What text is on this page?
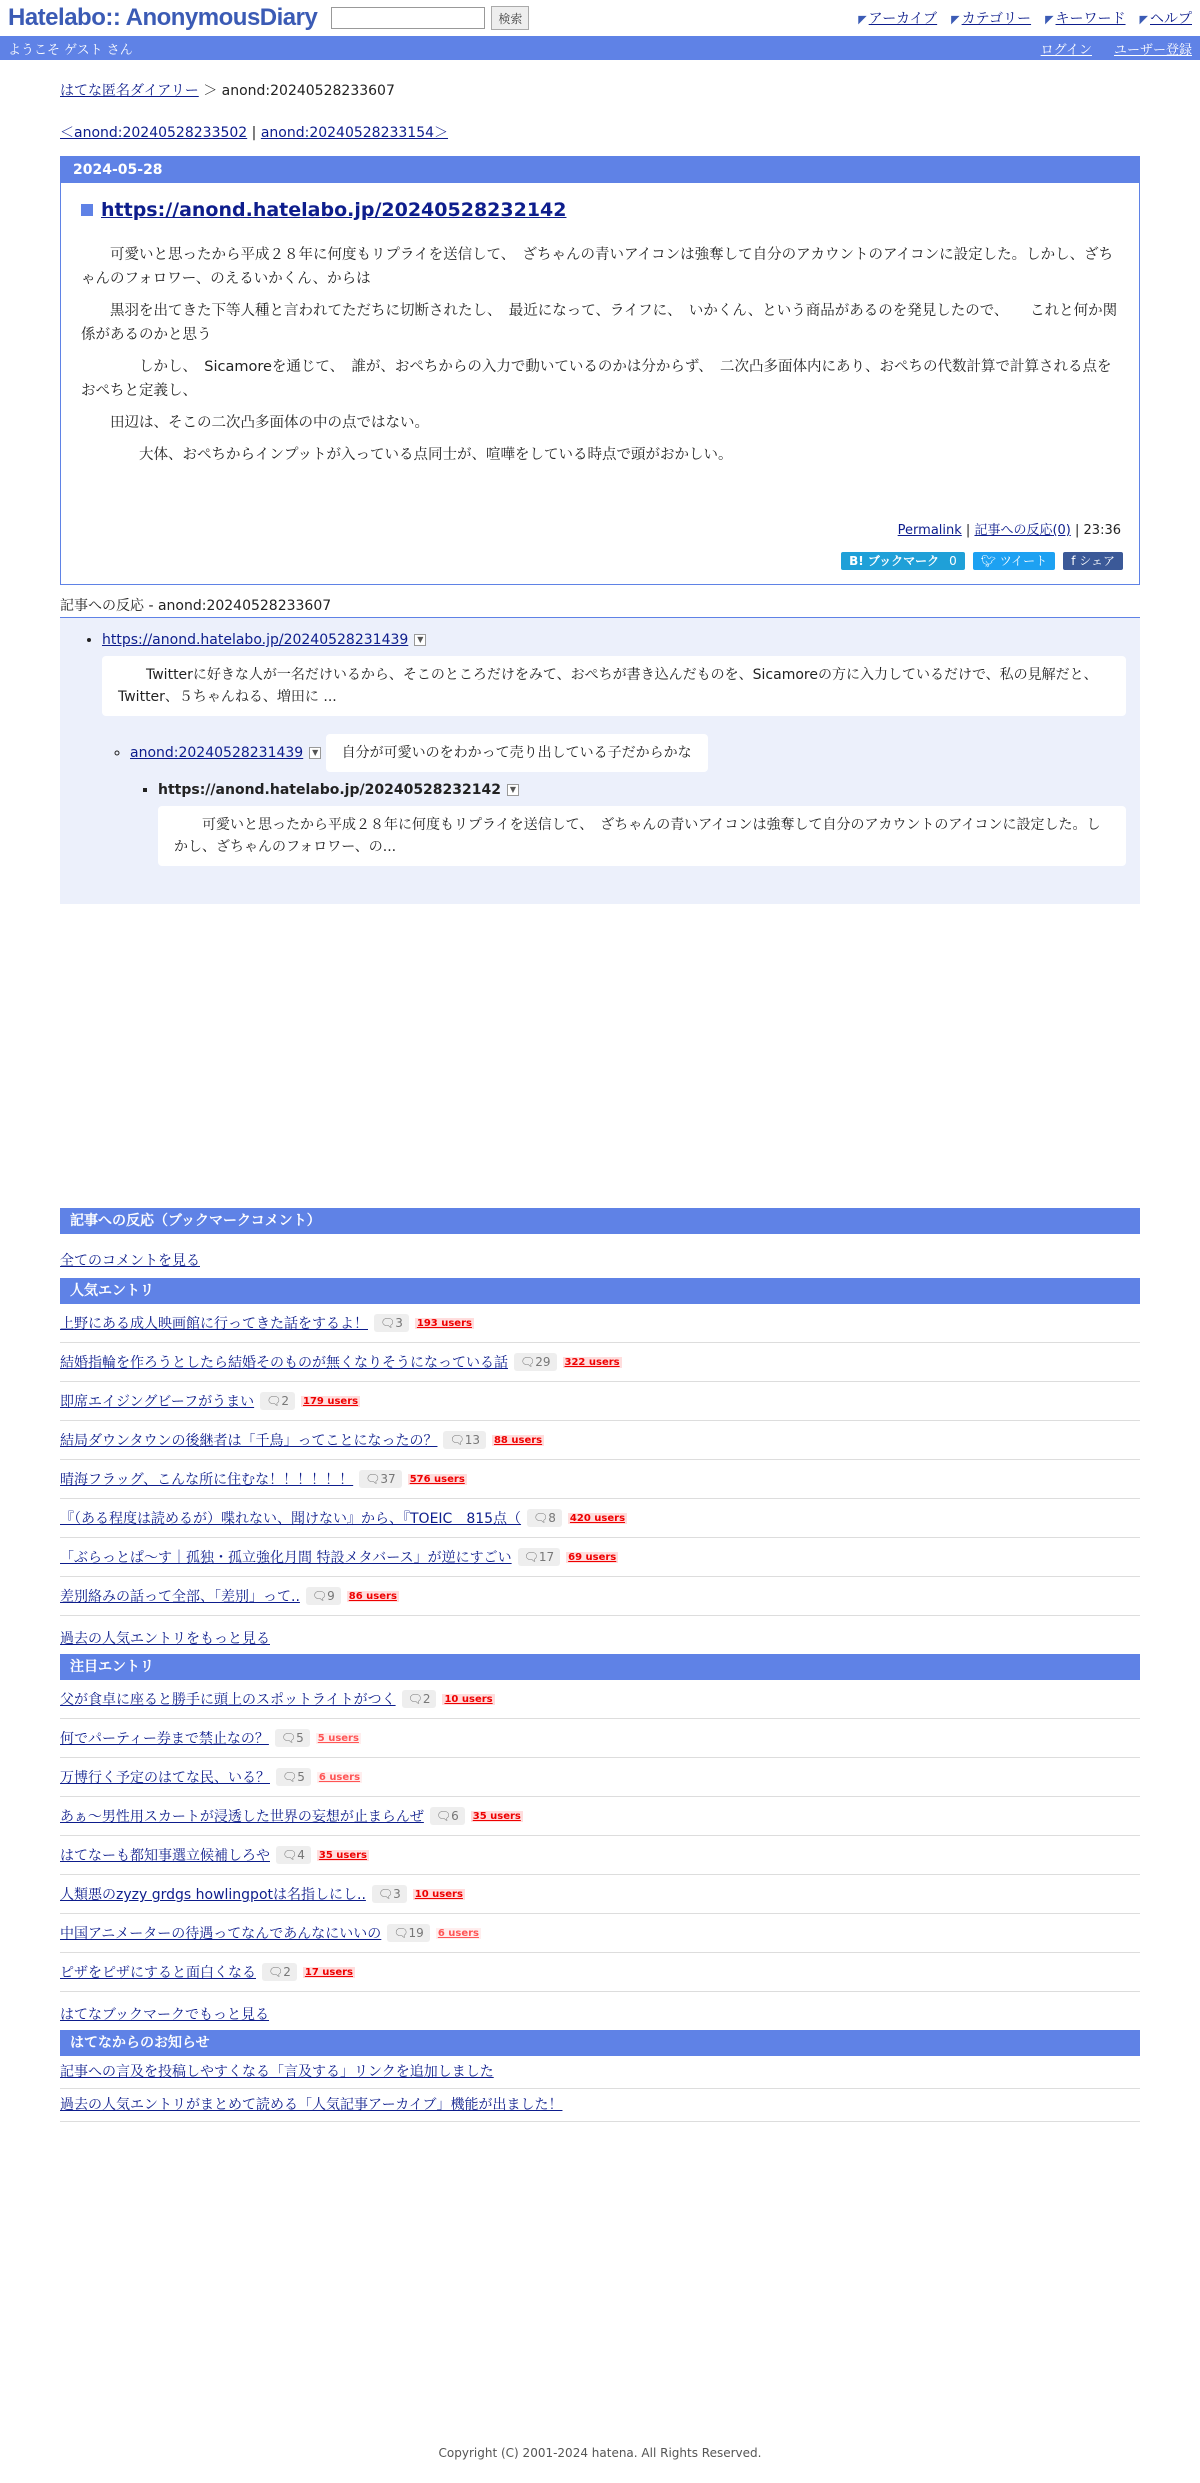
Hatelabo:: AnonymousDiary	検索	◤ アーカイブ ◤ カテゴリー ◤ キーワード ◤ ヘルプ
ようこそ ゲスト さん	ログイン ユーザー登録
はてな匿名ダイアリー ＞ anond:20240528233607
＜anond:20240528233502 | anond:20240528233154＞
2024-05-28
https://anond.hatelabo.jp/20240528232142

　　可愛いと思ったから平成２８年に何度もリプライを送信して、　ざちゃんの青いアイコンは強奪して自分のアカウントのアイコンに設定した。しかし、ざちゃんのフォロワー、のえるいかくん、からは

　　黒羽を出てきた下等人種と言われてただちに切断されたし、　最近になって、ライフに、　いかくん、という商品があるのを発見したので、　　これと何か関係があるのかと思う

　　　　しかし、　Sicamoreを通じて、　誰が、おぺちからの入力で動いているのかは分からず、　二次凸多面体内にあり、おぺちの代数計算で計算される点をおぺちと定義し、

　　田辺は、そこの二次凸多面体の中の点ではない。

　　　　大体、おぺちからインプットが入っている点同士が、喧嘩をしている時点で頭がおかしい。

Permalink | 記事への反応(0) | 23:36
B! ブックマーク 0	🐦︎ ツイート	f シェア
記事への反応 - anond:20240528233607
• https://anond.hatelabo.jp/20240528231439 ▼
　　Twitterに好きな人が一名だけいるから、そこのところだけをみて、おぺちが書き込んだものを、Sicamoreの方に入力しているだけで、私の見解だと、　Twitter、５ちゃんねる、増田に ...
◦ anond:20240528231439 ▼ 自分が可愛いのをわかって売り出している子だからかな
▪ https://anond.hatelabo.jp/20240528232142 ▼
　　可愛いと思ったから平成２８年に何度もリプライを送信して、　ざちゃんの青いアイコンは強奪して自分のアカウントのアイコンに設定した。しかし、ざちゃんのフォロワー、の...
記事への反応（ブックマークコメント）
全てのコメントを見る
人気エントリ
上野にある成人映画館に行ってきた話をするよ！	🗨︎3	193 users
結婚指輪を作ろうとしたら結婚そのものが無くなりそうになっている話	🗨︎29	322 users
即席エイジングビーフがうまい	🗨︎2	179 users
結局ダウンタウンの後継者は「千鳥」ってことになったの？	🗨︎13	88 users
晴海フラッグ、こんな所に住むな！！！！！！	🗨︎37	576 users
『（ある程度は読めるが）喋れない、聞けない』から、『TOEIC　815点（	🗨︎8	420 users
「ぶらっとぱ～す｜孤独・孤立強化月間 特設メタバース」が逆にすごい	🗨︎17	69 users
差別絡みの話って全部、「差別」って..	🗨︎9	86 users
過去の人気エントリをもっと見る
注目エントリ
父が食卓に座ると勝手に頭上のスポットライトがつく	🗨︎2	10 users
何でパーティー券まで禁止なの？	🗨︎5	5 users
万博行く予定のはてな民、いる？	🗨︎5	6 users
あぁ〜男性用スカートが浸透した世界の妄想が止まらんぜ	🗨︎6	35 users
はてなーも都知事選立候補しろや	🗨︎4	35 users
人類悪のzyzy grdgs howlingpotは名指しにし..	🗨︎3	10 users
中国アニメーターの待遇ってなんであんなにいいの	🗨︎19	6 users
ピザをピザにすると面白くなる	🗨︎2	17 users
はてなブックマークでもっと見る
はてなからのお知らせ
記事への言及を投稿しやすくなる「言及する」リンクを追加しました
過去の人気エントリがまとめて読める「人気記事アーカイブ」機能が出ました！
Copyright (C) 2001-2024 hatena. All Rights Reserved.
